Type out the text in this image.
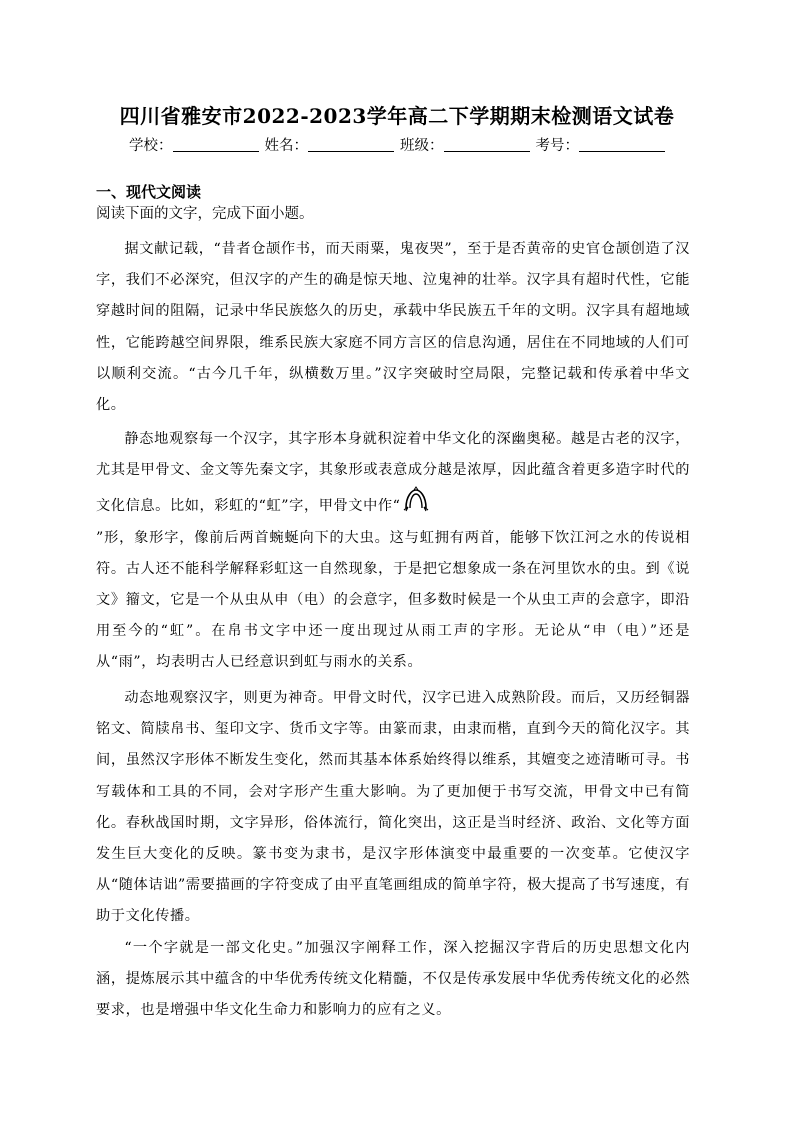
四川省雅安市2022-2023学年高二下学期期末检测语文试卷
学校：	姓名：	班级：	考号：
一、现代文阅读
阅读下面的文字，完成下面小题。

据文献记载，“昔者仓颉作书，而天雨粟，鬼夜哭”，至于是否黄帝的史官仓颉创造了汉字，我们不必深究，但汉字的产生的确是惊天地、泣鬼神的壮举。汉字具有超时代性，它能穿越时间的阻隔，记录中华民族悠久的历史，承载中华民族五千年的文明。汉字具有超地域性，它能跨越空间界限，维系民族大家庭不同方言区的信息沟通，居住在不同地域的人们可以顺利交流。“古今几千年，纵横数万里。”汉字突破时空局限，完整记载和传承着中华文化。

静态地观察每一个汉字，其字形本身就积淀着中华文化的深幽奥秘。越是古老的汉字，尤其是甲骨文、金文等先秦文字，其象形或表意成分越是浓厚，因此蕴含着更多造字时代的文化信息。比如，彩虹的“虹”字，甲骨文中作“
”形，象形字，像前后两首蜿蜒向下的大虫。这与虹拥有两首，能够下饮江河之水的传说相符。古人还不能科学解释彩虹这一自然现象，于是把它想象成一条在河里饮水的虫。到《说文》籀文，它是一个从虫从申（电）的会意字，但多数时候是一个从虫工声的会意字，即沿用至今的“虹”。在帛书文字中还一度出现过从雨工声的字形。无论从“申（电）”还是从“雨”，均表明古人已经意识到虹与雨水的关系。

动态地观察汉字，则更为神奇。甲骨文时代，汉字已进入成熟阶段。而后，又历经铜器铭文、简牍帛书、玺印文字、货币文字等。由篆而隶，由隶而楷，直到今天的简化汉字。其间，虽然汉字形体不断发生变化，然而其基本体系始终得以维系，其嬗变之迹清晰可寻。书写载体和工具的不同，会对字形产生重大影响。为了更加便于书写交流，甲骨文中已有简化。春秋战国时期，文字异形，俗体流行，简化突出，这正是当时经济、政治、文化等方面发生巨大变化的反映。篆书变为隶书，是汉字形体演变中最重要的一次变革。它使汉字从“随体诘诎”需要描画的字符变成了由平直笔画组成的简单字符，极大提高了书写速度，有助于文化传播。

“一个字就是一部文化史。”加强汉字阐释工作，深入挖掘汉字背后的历史思想文化内涵，提炼展示其中蕴含的中华优秀传统文化精髓，不仅是传承发展中华优秀传统文化的必然要求，也是增强中华文化生命力和影响力的应有之义。
